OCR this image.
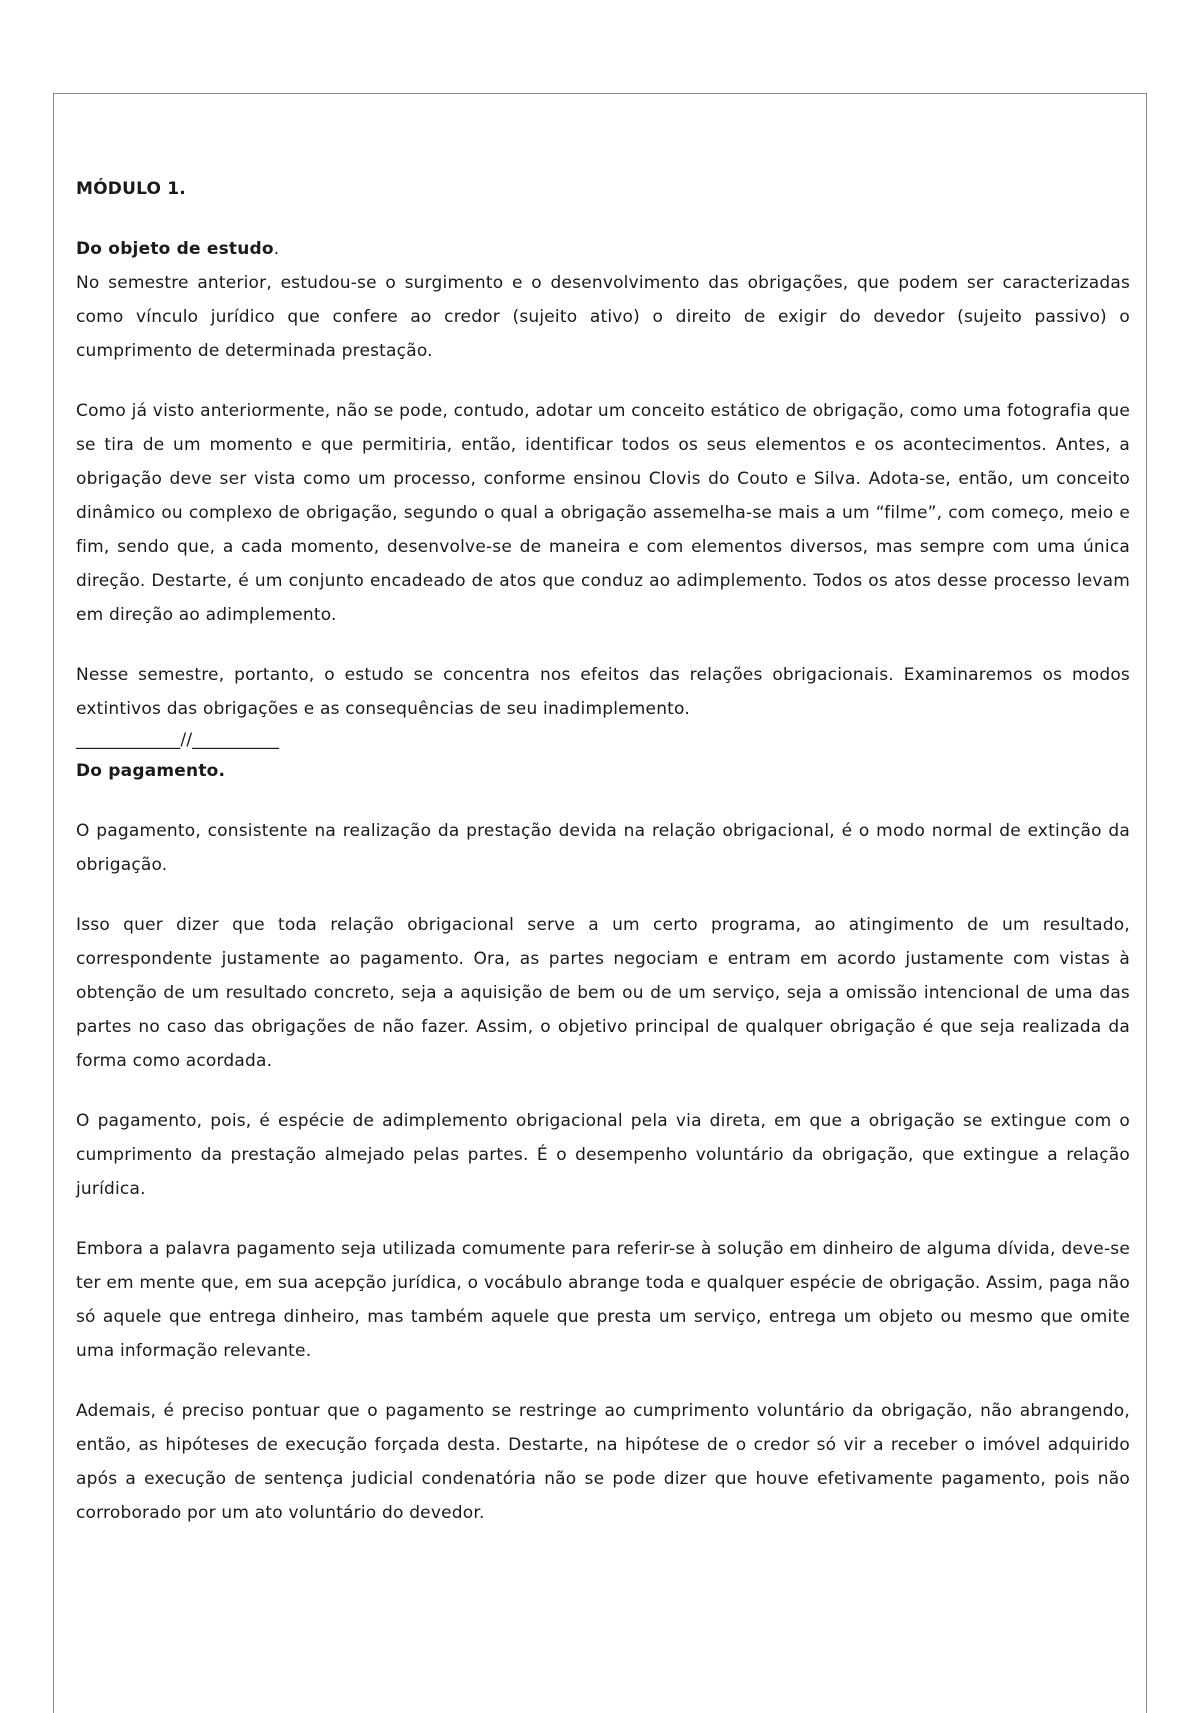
MÓDULO 1.

Do objeto de estudo.

No semestre anterior, estudou-se o surgimento e o desenvolvimento das obrigações, que podem ser caracterizadas como vínculo jurídico que confere ao credor (sujeito ativo) o direito de exigir do devedor (sujeito passivo) o cumprimento de determinada prestação.

Como já visto anteriormente, não se pode, contudo, adotar um conceito estático de obrigação, como uma fotografia que se tira de um momento e que permitiria, então, identificar todos os seus elementos e os acontecimentos. Antes, a obrigação deve ser vista como um processo, conforme ensinou Clovis do Couto e Silva. Adota-se, então, um conceito dinâmico ou complexo de obrigação, segundo o qual a obrigação assemelha-se mais a um “filme”, com começo, meio e fim, sendo que, a cada momento, desenvolve-se de maneira e com elementos diversos, mas sempre com uma única direção. Destarte, é um conjunto encadeado de atos que conduz ao adimplemento. Todos os atos desse processo levam em direção ao adimplemento.

Nesse semestre, portanto, o estudo se concentra nos efeitos das relações obrigacionais. Examinaremos os modos extintivos das obrigações e as consequências de seu inadimplemento.

____________//__________

Do pagamento.

O pagamento, consistente na realização da prestação devida na relação obrigacional, é o modo normal de extinção da obrigação.

Isso quer dizer que toda relação obrigacional serve a um certo programa, ao atingimento de um resultado, correspondente justamente ao pagamento. Ora, as partes negociam e entram em acordo justamente com vistas à obtenção de um resultado concreto, seja a aquisição de bem ou de um serviço, seja a omissão intencional de uma das partes no caso das obrigações de não fazer. Assim, o objetivo principal de qualquer obrigação é que seja realizada da forma como acordada.

O pagamento, pois, é espécie de adimplemento obrigacional pela via direta, em que a obrigação se extingue com o cumprimento da prestação almejado pelas partes. É o desempenho voluntário da obrigação, que extingue a relação jurídica.

Embora a palavra pagamento seja utilizada comumente para referir-se à solução em dinheiro de alguma dívida, deve-se ter em mente que, em sua acepção jurídica, o vocábulo abrange toda e qualquer espécie de obrigação. Assim, paga não só aquele que entrega dinheiro, mas também aquele que presta um serviço, entrega um objeto ou mesmo que omite uma informação relevante.

Ademais, é preciso pontuar que o pagamento se restringe ao cumprimento voluntário da obrigação, não abrangendo, então, as hipóteses de execução forçada desta. Destarte, na hipótese de o credor só vir a receber o imóvel adquirido após a execução de sentença judicial condenatória não se pode dizer que houve efetivamente pagamento, pois não corroborado por um ato voluntário do devedor.
